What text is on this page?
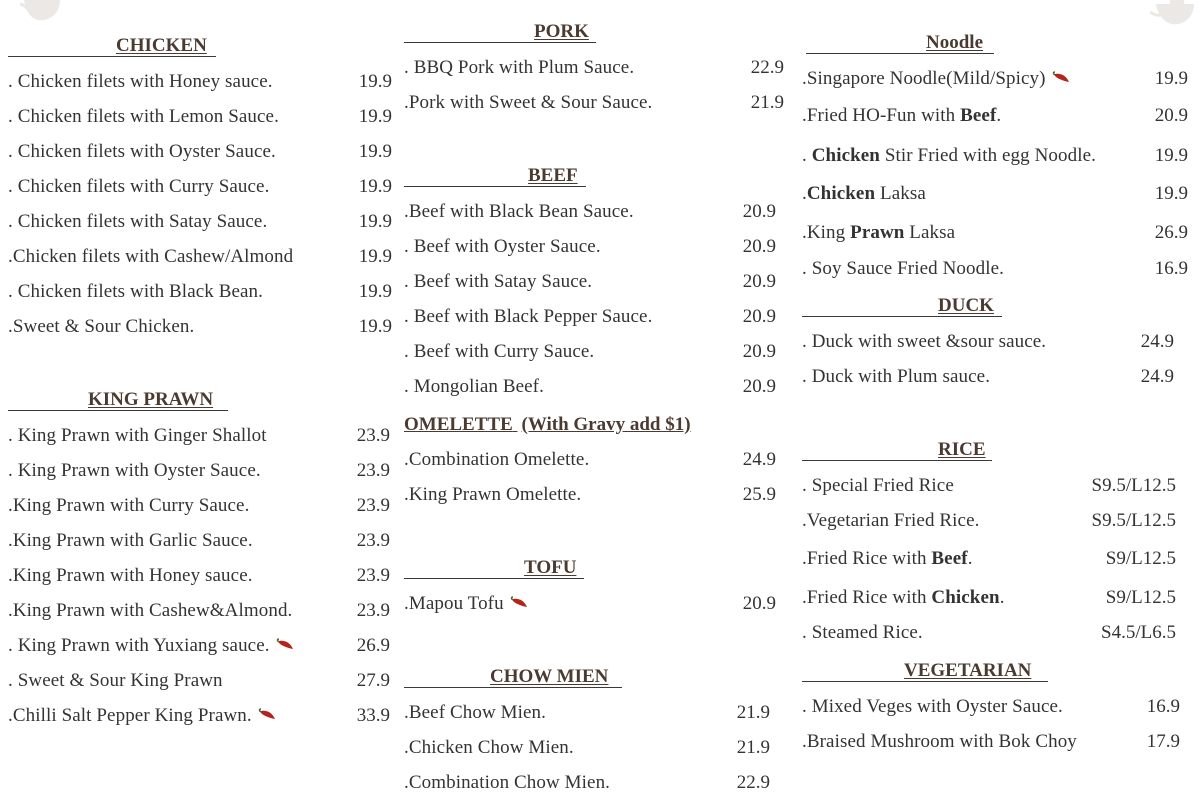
CHICKEN
. Chicken filets with Honey sauce.	19.9
. Chicken filets with Lemon Sauce.	19.9
. Chicken filets with Oyster Sauce.	19.9
. Chicken filets with Curry Sauce.	19.9
. Chicken filets with Satay Sauce.	19.9
.Chicken filets with Cashew/Almond	19.9
. Chicken filets with Black Bean.	19.9
.Sweet & Sour Chicken.	19.9
KING PRAWN
. King Prawn with Ginger Shallot	23.9
. King Prawn with Oyster Sauce.	23.9
.King Prawn with Curry Sauce.	23.9
.King Prawn with Garlic Sauce.	23.9
.King Prawn with Honey sauce.	23.9
.King Prawn with Cashew&Almond.	23.9
. King Prawn with Yuxiang sauce.	26.9
. Sweet & Sour King Prawn	27.9
.Chilli Salt Pepper King Prawn.	33.9
PORK
. BBQ Pork with Plum Sauce.	22.9
.Pork with Sweet & Sour Sauce.	21.9
BEEF
.Beef with Black Bean Sauce.	20.9
. Beef with Oyster Sauce.	20.9
. Beef with Satay Sauce.	20.9
. Beef with Black Pepper Sauce.	20.9
. Beef with Curry Sauce.	20.9
. Mongolian Beef.	20.9
OMELETTE (With Gravy add $1)
.Combination Omelette.	24.9
.King Prawn Omelette.	25.9
TOFU
.Mapou Tofu	20.9
CHOW MIEN
.Beef Chow Mien.	21.9
.Chicken Chow Mien.	21.9
.Combination Chow Mien.	22.9
Noodle
.Singapore Noodle(Mild/Spicy)	19.9
.Fried HO-Fun with Beef.	20.9
. Chicken Stir Fried with egg Noodle.	19.9
.Chicken Laksa	19.9
.King Prawn Laksa	26.9
. Soy Sauce Fried Noodle.	16.9
DUCK
. Duck with sweet &sour sauce.	24.9
. Duck with Plum sauce.	24.9
RICE
. Special Fried Rice	S9.5/L12.5
.Vegetarian Fried Rice.	S9.5/L12.5
.Fried Rice with Beef.	S9/L12.5
.Fried Rice with Chicken.	S9/L12.5
. Steamed Rice.	S4.5/L6.5
VEGETARIAN
. Mixed Veges with Oyster Sauce.	16.9
.Braised Mushroom with Bok Choy	17.9
